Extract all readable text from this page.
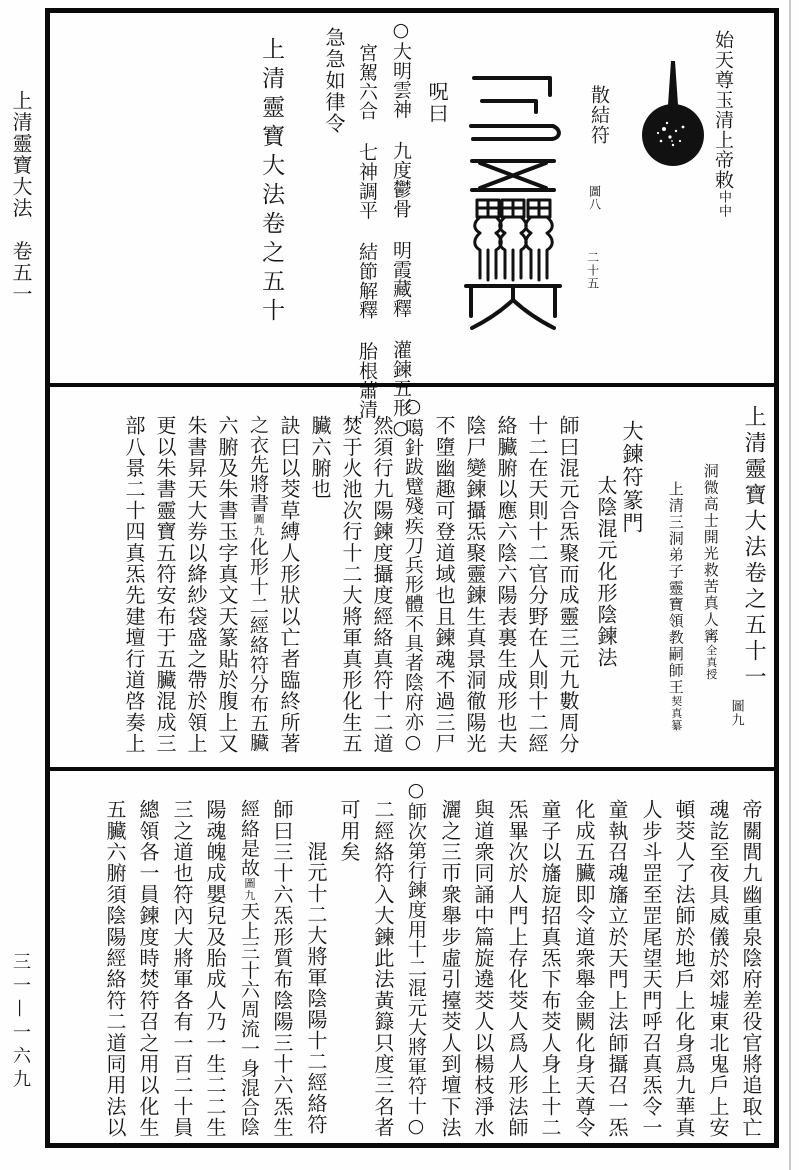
上清靈寶大法　卷五一
三一—一六九
始天尊玉清上帝敕中中
散結符
圖八
二十五
呪曰
○大明雲神 九度鬱骨 明霞藏釋 灌鍊五形○
宮駕六合 七神調平 結節解釋 胎根蕭清
急急如律令
上清靈寶大法卷之五十
上清靈寶大法卷之五十一
圖九
洞微高士開光救苦真人寗全真授
上清三洞弟子靈寶領教嗣師王契真纂
大鍊符篆門
太陰混元化形陰鍊法
師曰混元合炁聚而成靈三元九數周分
十二在天則十二官分野在人則十二經
絡臟腑以應六陰六陽表裏生成形也夫
陰尸變鍊攝炁聚靈鍊生真景洞徹陽光
不墮幽趣可登道域也且鍊魂不過三尸
○噶針跋躄殘疾刀兵形體不具者陰府亦○
然須行九陽鍊度攝度經絡真符十二道
焚于火池次行十二大將軍真形化生五
臟六腑也
訣曰以茭草縛人形狀以亡者臨終所著
之衣先將書圖九化形十二經絡符分布五臟
六腑及朱書玉字真文天篆貼於腹上又
朱書昇天大券以絳紗袋盛之帶於領上
更以朱書靈寶五符安布于五臟混成三
部八景二十四真炁先建壇行道啓奏上
帝關閭九幽重泉陰府差役官將追取亡
魂訖至夜具威儀於郊墟東北鬼戶上安
頓茭人了法師於地戶上化身爲九華真
人步斗罡至罡尾望天門呼召真炁令一
童執召魂旛立於天門上法師攝召一炁
化成五臟即令道衆舉金闕化身天尊令
童子以旛旋招真炁下布茭人身上十二
炁畢次於人門上存化茭人爲人形法師
與道衆同誦中篇旋遶茭人以楊枝淨水
灑之三帀衆舉步虛引擡茭人到壇下法
○師次第行鍊度用十二混元大將軍符十○
二經絡符入大鍊此法黃籙只度三名者
可用矣
混元十二大將軍陰陽十二經絡符
師曰三十六炁形質布陰陽三十六炁生
經絡是故圖九天上三十六周流一身混合陰
陽魂魄成嬰兒及胎成人乃一生二二生
三之道也符內大將軍各有一百二十員
總領各一員鍊度時焚符召之用以化生
五臟六腑須陰陽經絡符二道同用法以
